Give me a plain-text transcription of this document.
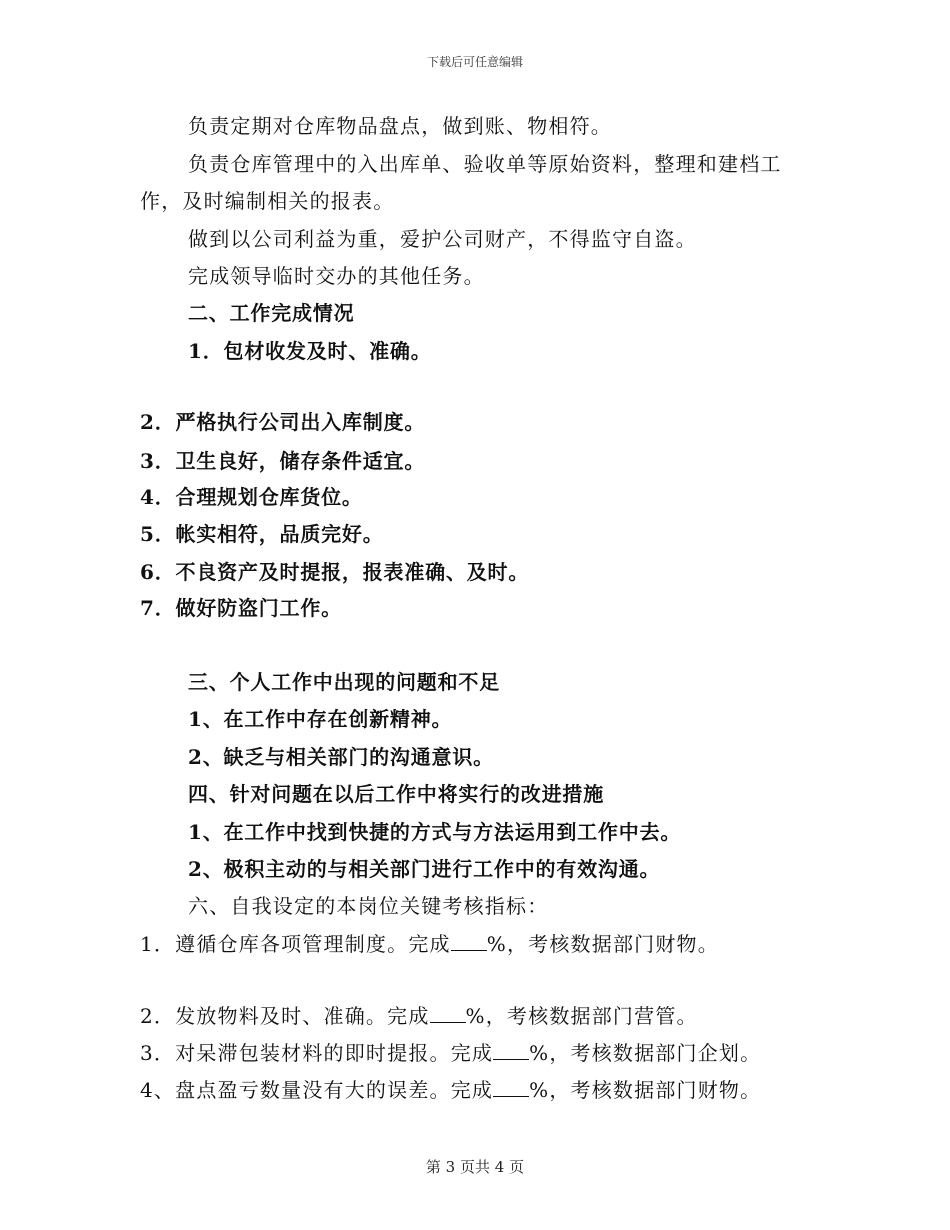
下载后可任意编辑
负责定期对仓库物品盘点，做到账、物相符。
负责仓库管理中的入出库单、验收单等原始资料，整理和建档工
作，及时编制相关的报表。
做到以公司利益为重，爱护公司财产，不得监守自盗。
完成领导临时交办的其他任务。
二、工作完成情况
1．包材收发及时、准确。
2．严格执行公司出入库制度。
3．卫生良好，储存条件适宜。
4．合理规划仓库货位。
5．帐实相符，品质完好。
6．不良资产及时提报，报表准确、及时。
7．做好防盗门工作。
三、个人工作中出现的问题和不足
1、在工作中存在创新精神。
2、缺乏与相关部门的沟通意识。
四、针对问题在以后工作中将实行的改进措施
1、在工作中找到快捷的方式与方法运用到工作中去。
2、极积主动的与相关部门进行工作中的有效沟通。
六、自我设定的本岗位关键考核指标：
1．遵循仓库各项管理制度。完成 %，考核数据部门财物。
2．发放物料及时、准确。完成 %，考核数据部门营管。
3．对呆滞包装材料的即时提报。完成 %，考核数据部门企划。
4、盘点盈亏数量没有大的误差。完成 %，考核数据部门财物。
第 3 页共 4 页
